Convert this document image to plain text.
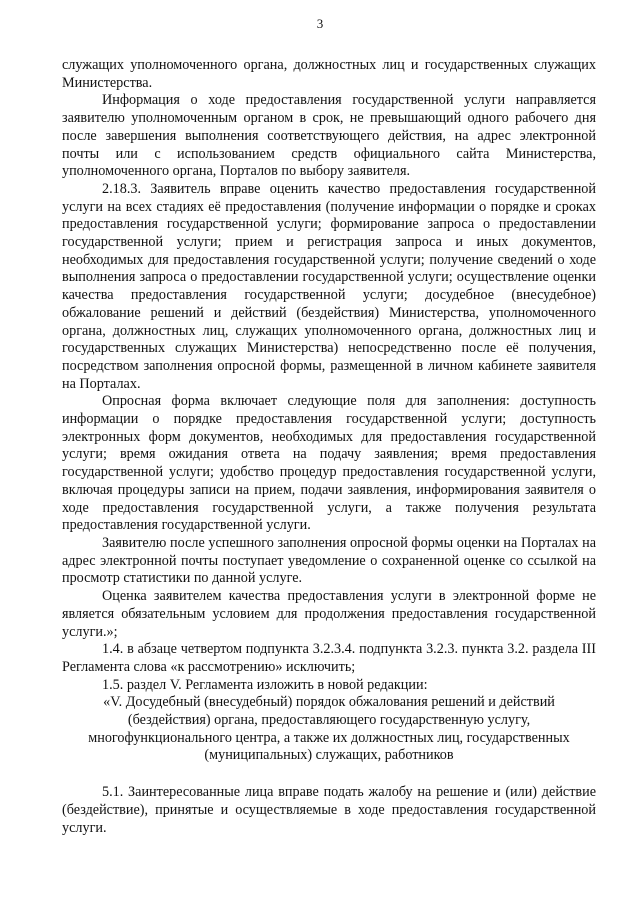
3

служащих уполномоченного органа, должностных лиц и государственных служащих Министерства.

Информация о ходе предоставления государственной услуги направляется заявителю уполномоченным органом в срок, не превышающий одного рабочего дня после завершения выполнения соответствующего действия, на адрес электронной почты или с использованием средств официального сайта Министерства, уполномоченного органа, Порталов по выбору заявителя.

2.18.3. Заявитель вправе оценить качество предоставления государственной услуги на всех стадиях её предоставления (получение информации о порядке и сроках предоставления государственной услуги; формирование запроса о предоставлении государственной услуги; прием и регистрация запроса и иных документов, необходимых для предоставления государственной услуги; получение сведений о ходе выполнения запроса о предоставлении государственной услуги; осуществление оценки качества предоставления государственной услуги; досудебное (внесудебное) обжалование решений и действий (бездействия) Министерства, уполномоченного органа, должностных лиц, служащих уполномоченного органа, должностных лиц и государственных служащих Министерства) непосредственно после её получения, посредством заполнения опросной формы, размещенной в личном кабинете заявителя на Порталах.

Опросная форма включает следующие поля для заполнения: доступность информации о порядке предоставления государственной услуги; доступность электронных форм документов, необходимых для предоставления государственной услуги; время ожидания ответа на подачу заявления; время предоставления государственной услуги; удобство процедур предоставления государственной услуги, включая процедуры записи на прием, подачи заявления, информирования заявителя о ходе предоставления государственной услуги, а также получения результата предоставления государственной услуги.

Заявителю после успешного заполнения опросной формы оценки на Порталах на адрес электронной почты поступает уведомление о сохраненной оценке со ссылкой на просмотр статистики по данной услуге.

Оценка заявителем качества предоставления услуги в электронной форме не является обязательным условием для продолжения предоставления государственной услуги.»;

1.4. в абзаце четвертом подпункта 3.2.3.4. подпункта 3.2.3. пункта 3.2. раздела III Регламента слова «к рассмотрению» исключить;

1.5. раздел V. Регламента изложить в новой редакции:

«V. Досудебный (внесудебный) порядок обжалования решений и действий (бездействия) органа, предоставляющего государственную услугу, многофункционального центра, а также их должностных лиц, государственных (муниципальных) служащих, работников

5.1. Заинтересованные лица вправе подать жалобу на решение и (или) действие (бездействие), принятые и осуществляемые в ходе предоставления государственной услуги.
